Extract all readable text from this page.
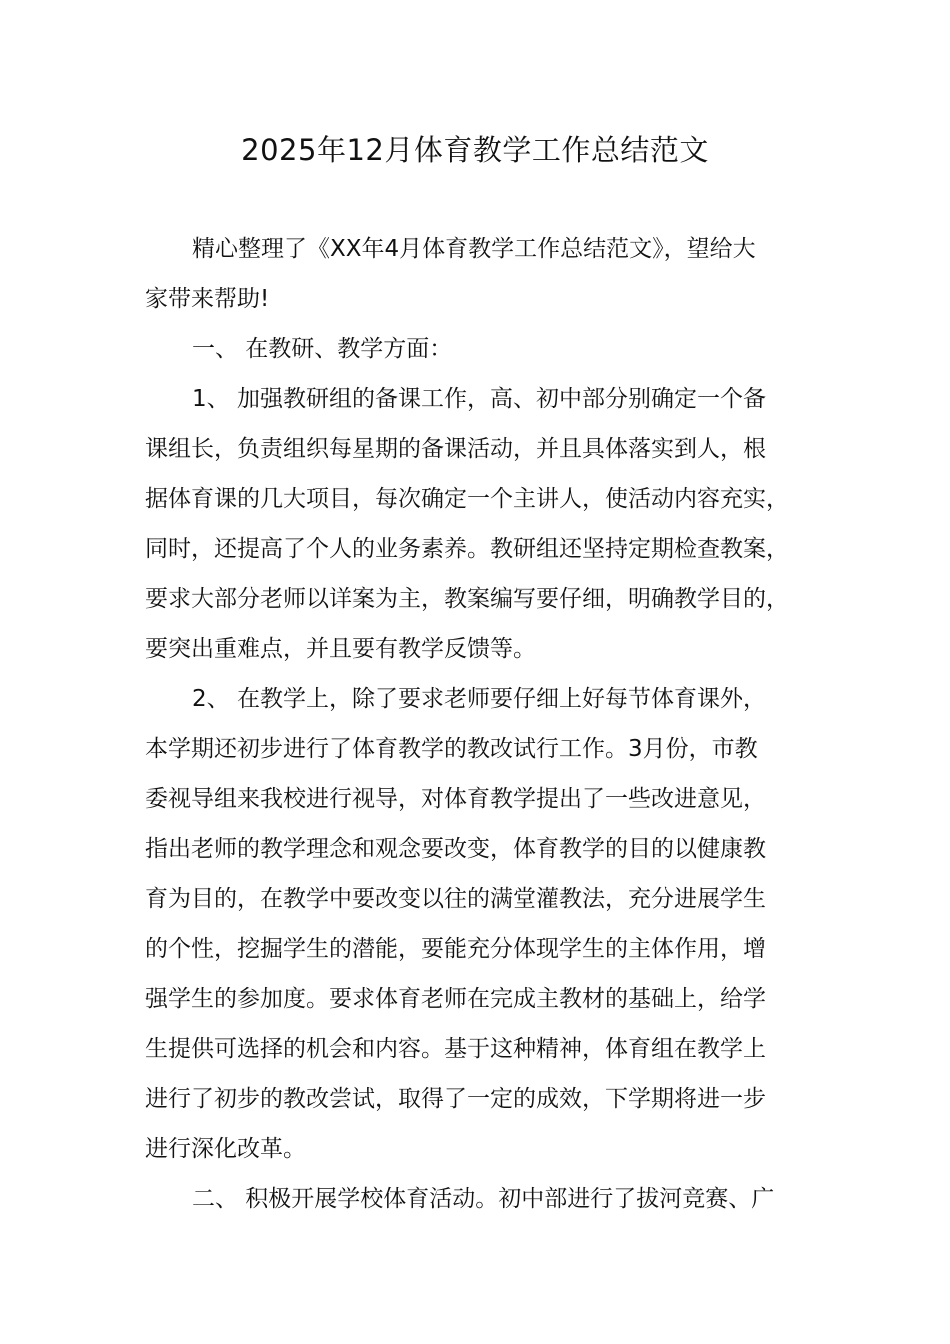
2025年12月体育教学工作总结范文

精心整理了《XX年4月体育教学工作总结范文》，望给大
家带来帮助!

一、 在教研、教学方面：

1、 加强教研组的备课工作，高、初中部分别确定一个备
课组长，负责组织每星期的备课活动，并且具体落实到人，根
据体育课的几大项目，每次确定一个主讲人，使活动内容充实，
同时，还提高了个人的业务素养。教研组还坚持定期检查教案，
要求大部分老师以详案为主，教案编写要仔细，明确教学目的，
要突出重难点，并且要有教学反馈等。

2、 在教学上，除了要求老师要仔细上好每节体育课外，
本学期还初步进行了体育教学的教改试行工作。3月份，市教
委视导组来我校进行视导，对体育教学提出了一些改进意见，
指出老师的教学理念和观念要改变，体育教学的目的以健康教
育为目的，在教学中要改变以往的满堂灌教法，充分进展学生
的个性，挖掘学生的潜能，要能充分体现学生的主体作用，增
强学生的参加度。要求体育老师在完成主教材的基础上，给学
生提供可选择的机会和内容。基于这种精神，体育组在教学上
进行了初步的教改尝试，取得了一定的成效，下学期将进一步
进行深化改革。

二、 积极开展学校体育活动。初中部进行了拔河竞赛、广
